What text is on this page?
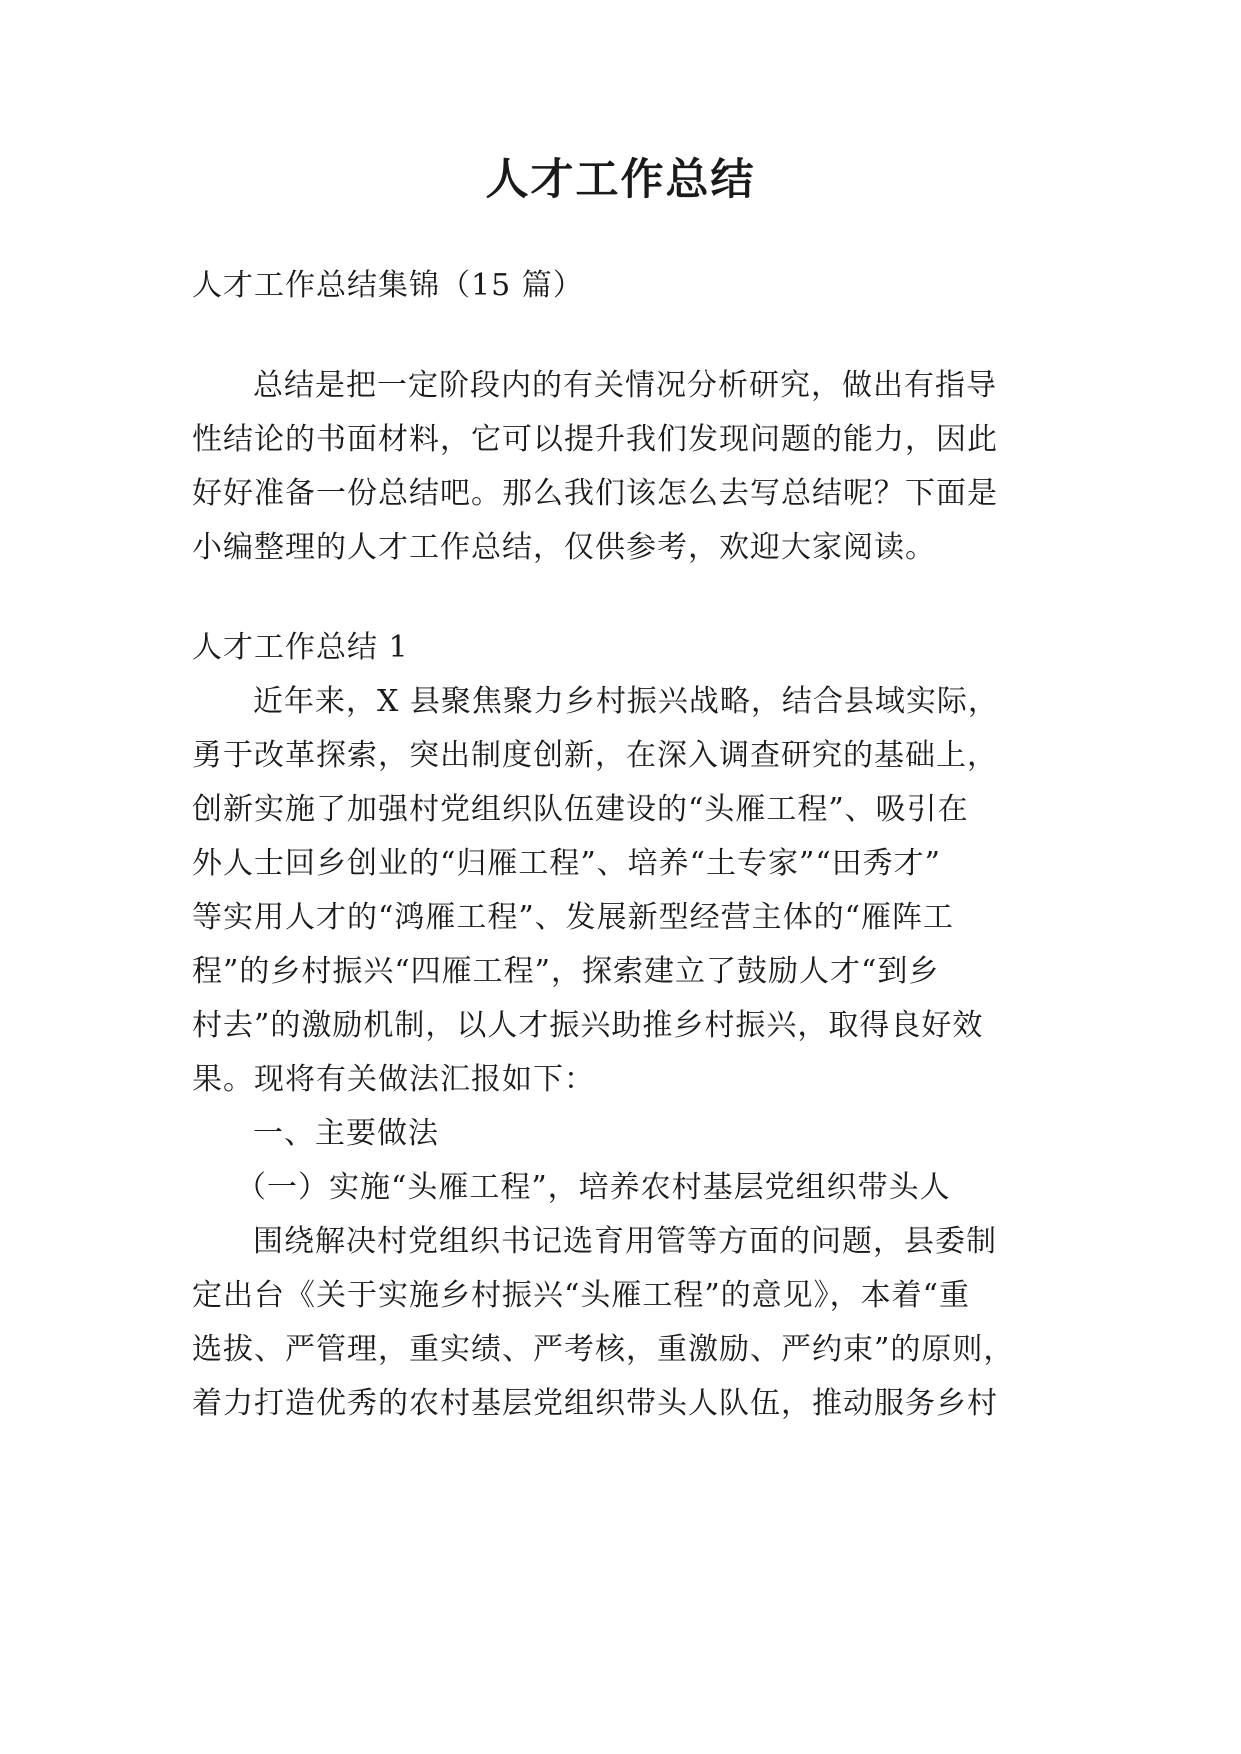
人才工作总结
人才工作总结集锦（15 篇）
总结是把一定阶段内的有关情况分析研究，做出有指导
性结论的书面材料，它可以提升我们发现问题的能力，因此
好好准备一份总结吧。那么我们该怎么去写总结呢？下面是
小编整理的人才工作总结，仅供参考，欢迎大家阅读。
人才工作总结 1
近年来，X 县聚焦聚力乡村振兴战略，结合县域实际，
勇于改革探索，突出制度创新，在深入调查研究的基础上，
创新实施了加强村党组织队伍建设的“头雁工程”、吸引在
外人士回乡创业的“归雁工程”、培养“土专家”“田秀才”
等实用人才的“鸿雁工程”、发展新型经营主体的“雁阵工
程”的乡村振兴“四雁工程”，探索建立了鼓励人才“到乡
村去”的激励机制，以人才振兴助推乡村振兴，取得良好效
果。现将有关做法汇报如下：
一、主要做法
（一）实施“头雁工程”，培养农村基层党组织带头人
围绕解决村党组织书记选育用管等方面的问题，县委制
定出台《关于实施乡村振兴“头雁工程”的意见》，本着“重
选拔、严管理，重实绩、严考核，重激励、严约束”的原则，
着力打造优秀的农村基层党组织带头人队伍，推动服务乡村
